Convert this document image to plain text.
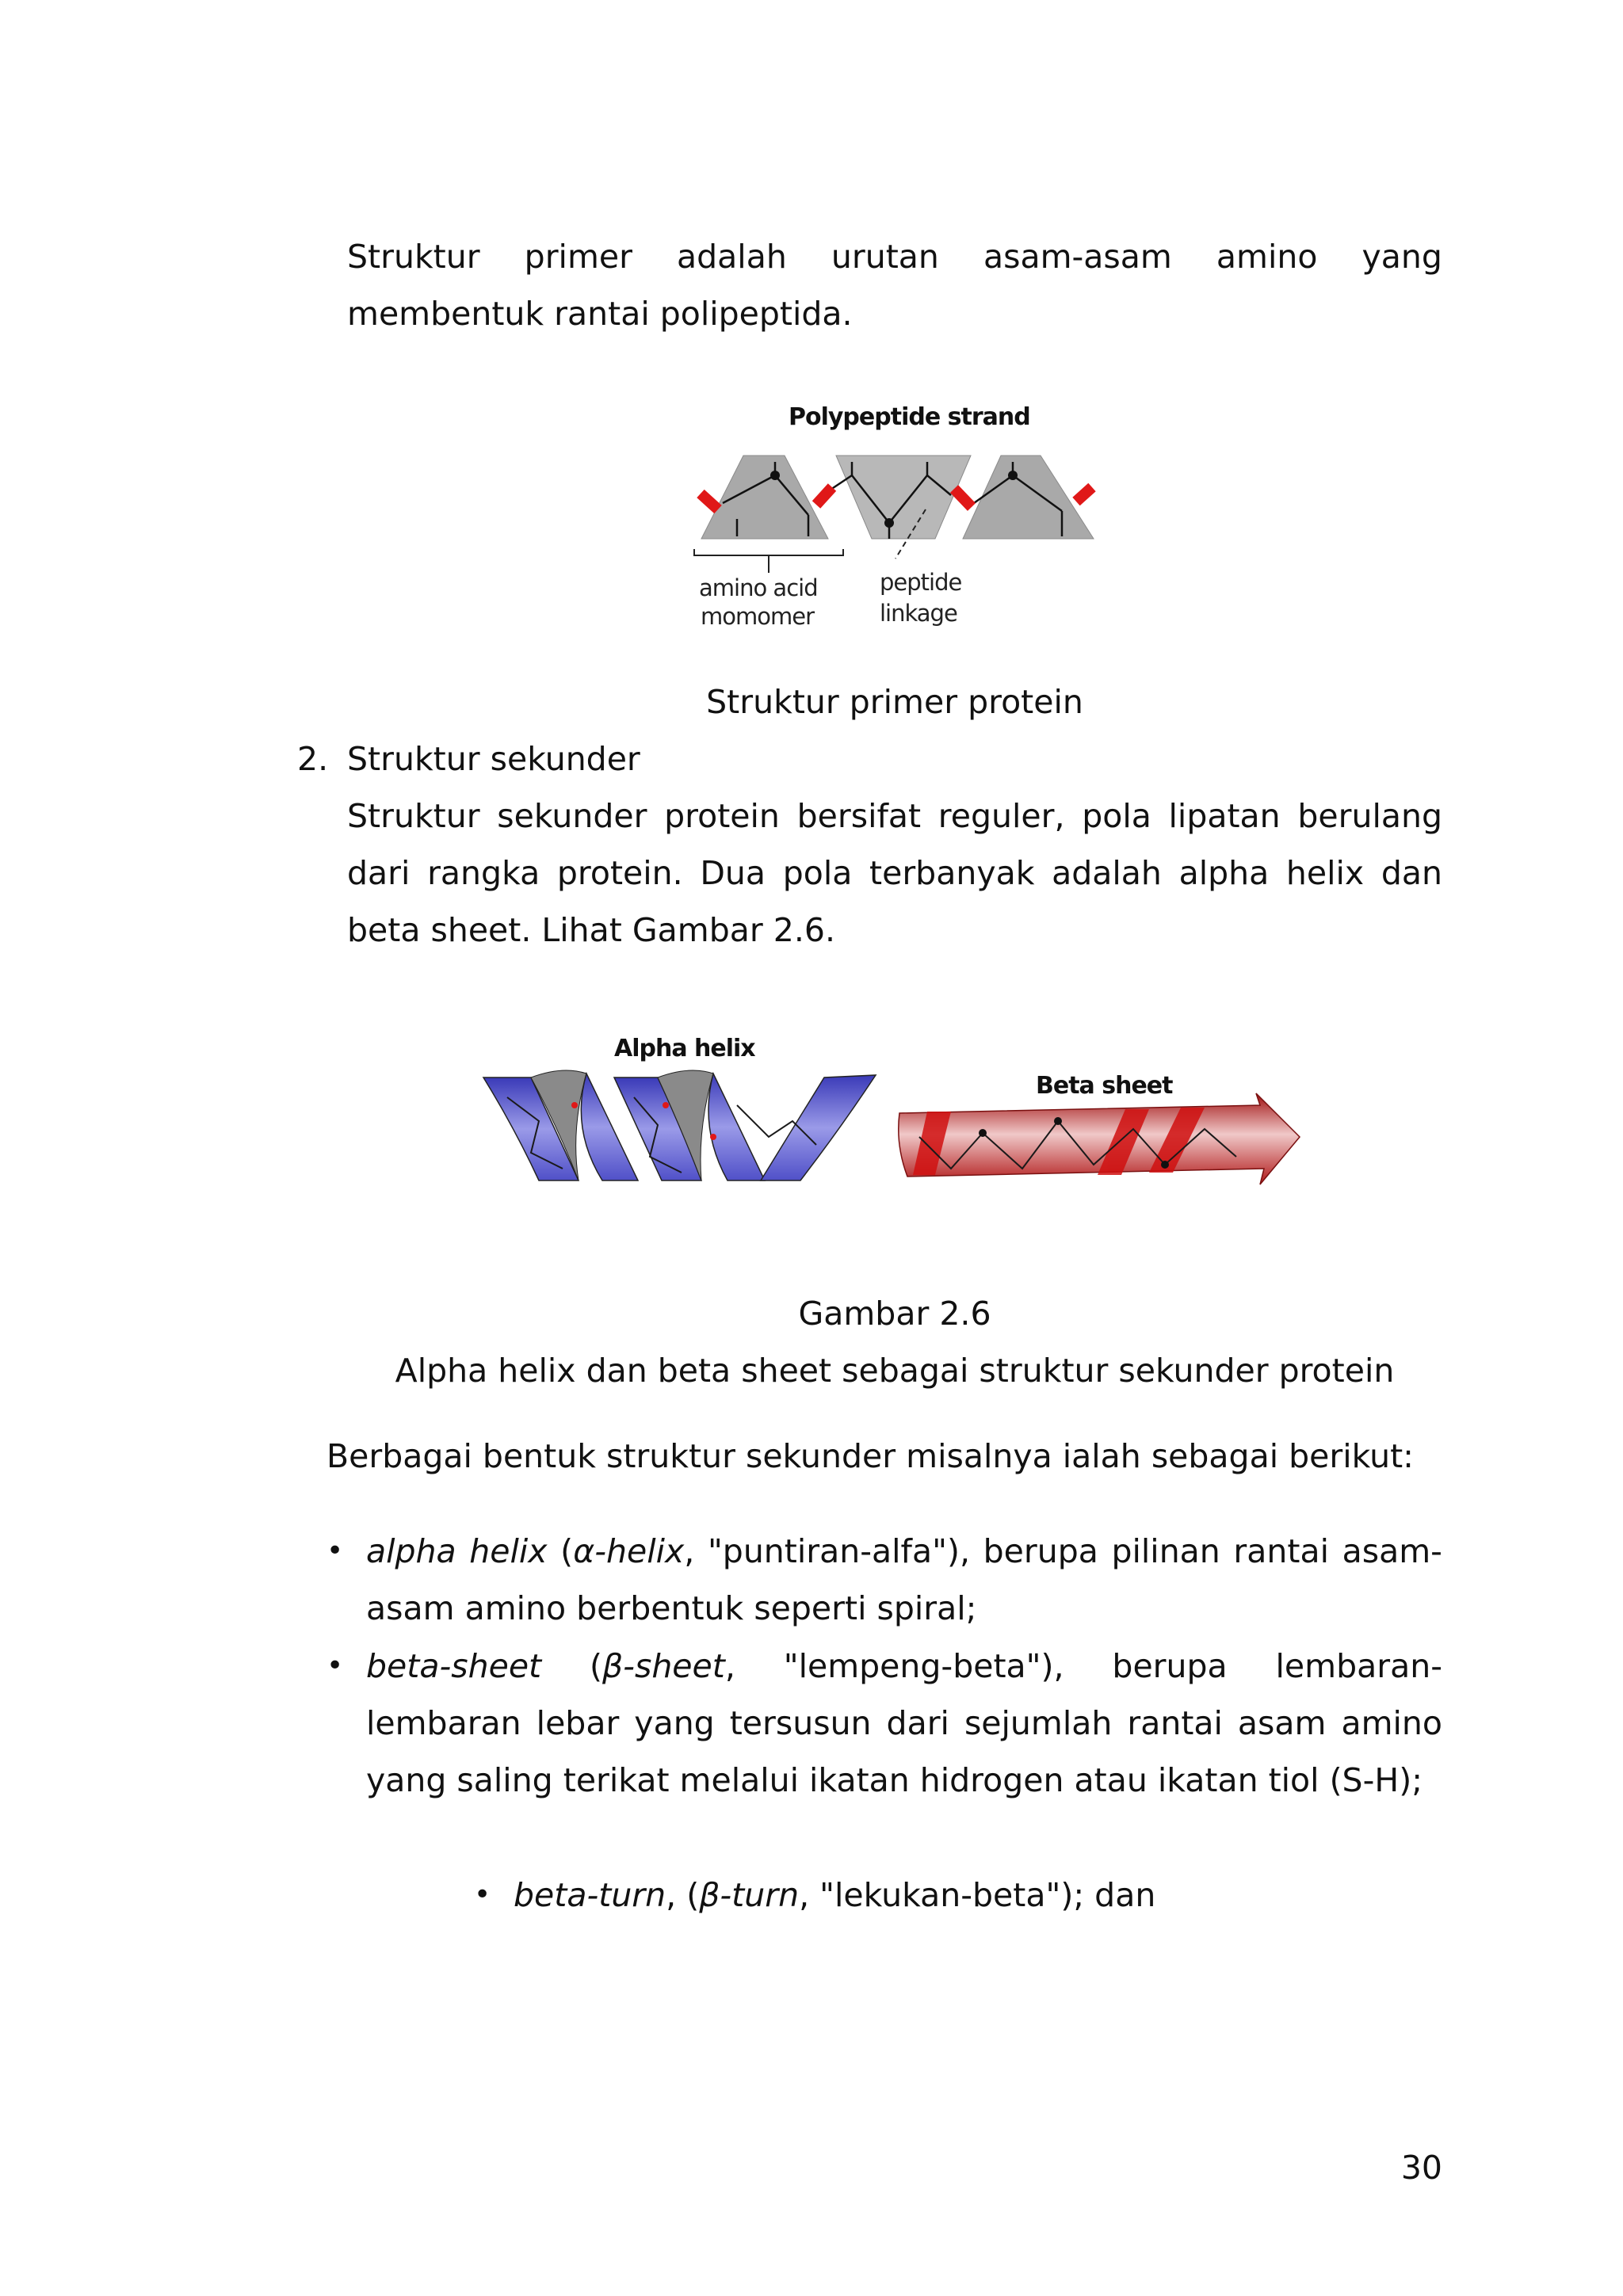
Struktur primer adalah urutan asam-asam amino yang
membentuk rantai polipeptida.
Polypeptide strand
amino acid
momomer
peptide
linkage
Struktur primer protein
2. Struktur sekunder
Struktur sekunder protein bersifat reguler, pola lipatan berulang dari rangka protein. Dua pola terbanyak adalah alpha helix dan beta sheet. Lihat Gambar 2.6.
Alpha helix
Beta sheet
Gambar 2.6
Alpha helix dan beta sheet sebagai struktur sekunder protein
Berbagai bentuk struktur sekunder misalnya ialah sebagai berikut:
• alpha helix (α-helix, "puntiran-alfa"), berupa pilinan rantai asam-asam amino berbentuk seperti spiral;
• beta-sheet (β-sheet, "lempeng-beta"), berupa lembaran-lembaran lebar yang tersusun dari sejumlah rantai asam amino yang saling terikat melalui ikatan hidrogen atau ikatan tiol (S-H);
• beta-turn, (β-turn, "lekukan-beta"); dan
30
